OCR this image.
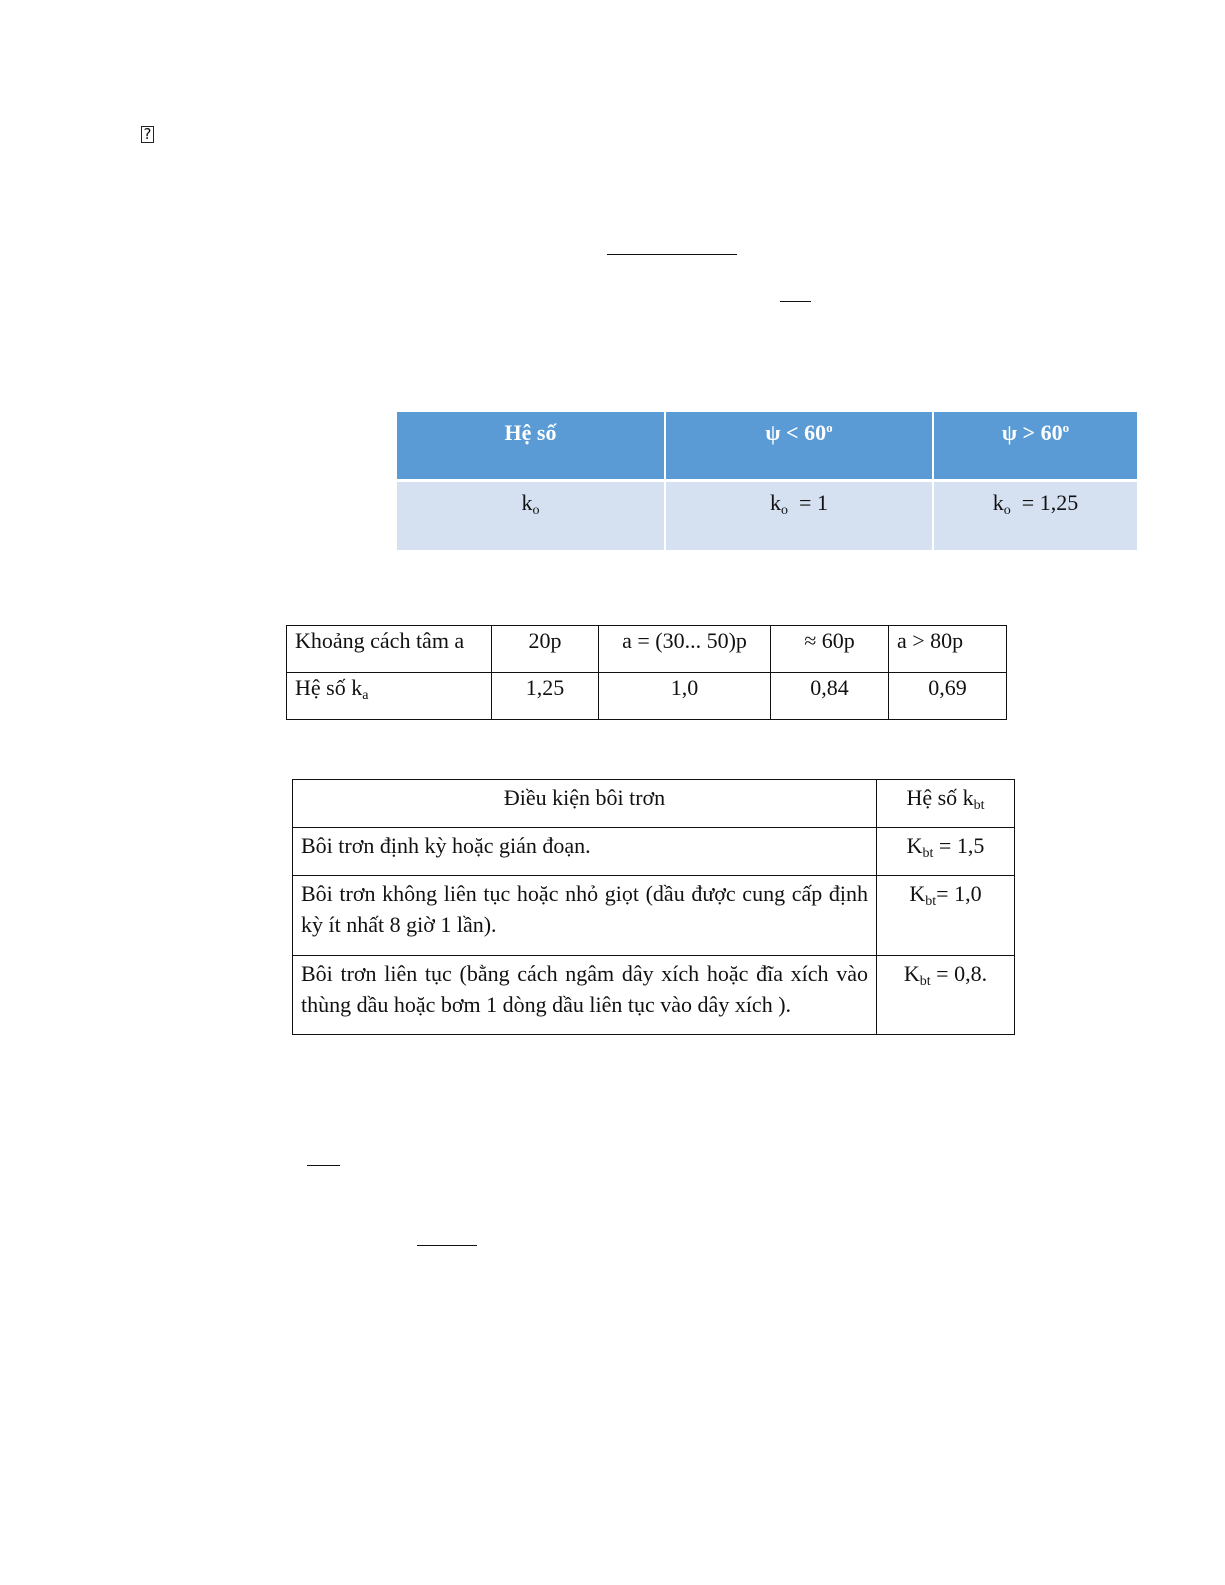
?
Hệ số	$\psi < 60^o$	$\psi > 60^o$
$k_o$	$k_o = 1$	$k_o = 1,25$
Khoảng cách tâm a	20p	a = (30... 50)p	≈ 60p	a > 80p
Hệ số $k_a$	1,25	1,0	0,84	0,69
Điều kiện bôi trơn	Hệ số $k_{bt}$
Bôi trơn định kỳ hoặc gián đoạn.	$K_{bt} = 1,5$
Bôi trơn không liên tục hoặc nhỏ giọt (dầu được cung cấp định kỳ ít nhất 8 giờ 1 lần).	$K_{bt}= 1,0$
Bôi trơn liên tục (bằng cách ngâm dây xích hoặc đĩa xích vào thùng dầu hoặc bơm 1 dòng dầu liên tục vào dây xích ).	$K_{bt} = 0,8$.
